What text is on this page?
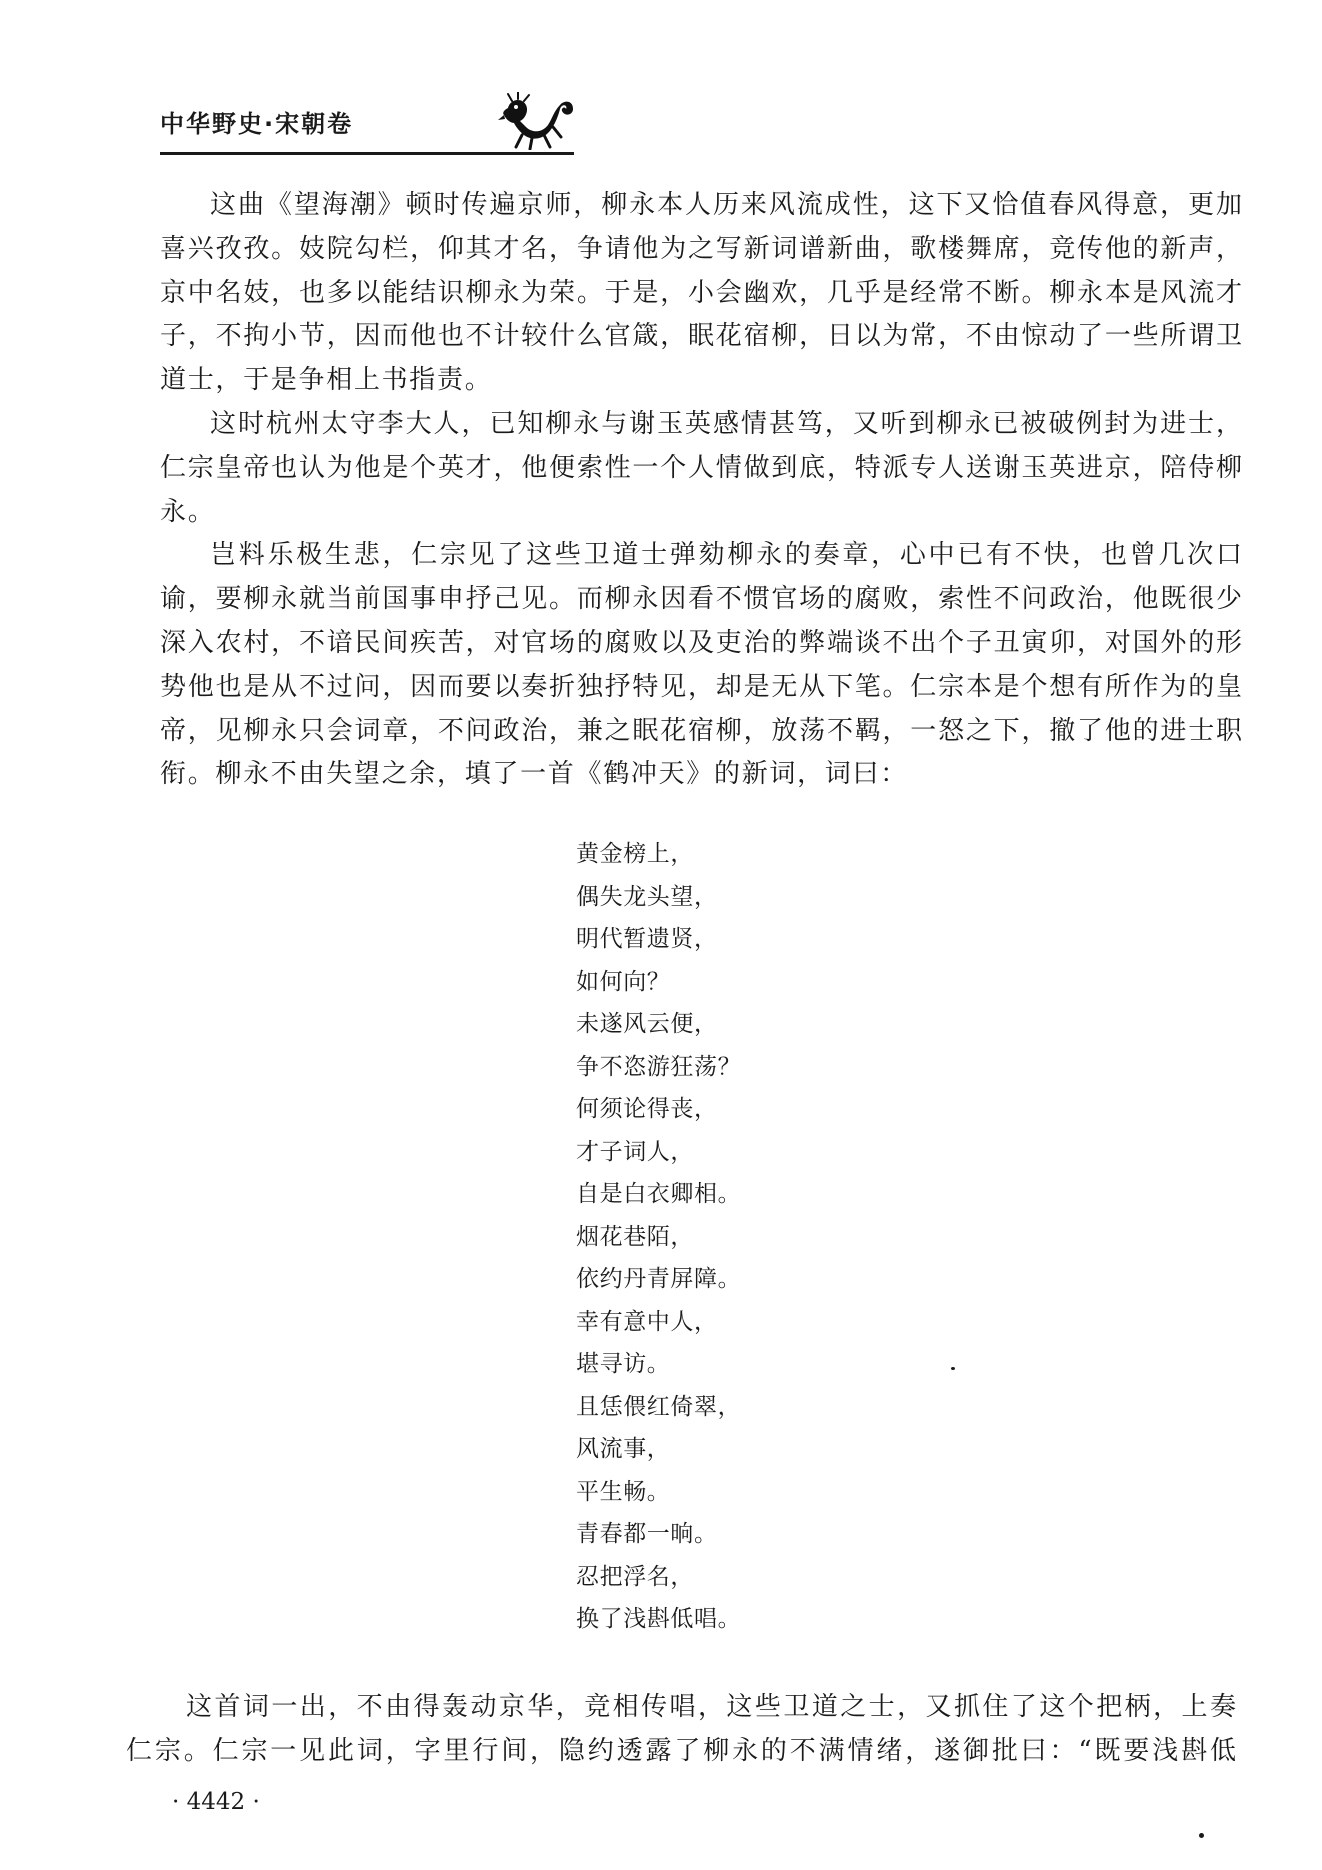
中华野史·宋朝卷
这曲《望海潮》顿时传遍京师，柳永本人历来风流成性，这下又恰值春风得意，更加
喜兴孜孜。妓院勾栏，仰其才名，争请他为之写新词谱新曲，歌楼舞席，竞传他的新声，
京中名妓，也多以能结识柳永为荣。于是，小会幽欢，几乎是经常不断。柳永本是风流才
子，不拘小节，因而他也不计较什么官箴，眠花宿柳，日以为常，不由惊动了一些所谓卫
道士，于是争相上书指责。
这时杭州太守李大人，已知柳永与谢玉英感情甚笃，又听到柳永已被破例封为进士，
仁宗皇帝也认为他是个英才，他便索性一个人情做到底，特派专人送谢玉英进京，陪侍柳
永。
岂料乐极生悲，仁宗见了这些卫道士弹劾柳永的奏章，心中已有不快，也曾几次口
谕，要柳永就当前国事申抒己见。而柳永因看不惯官场的腐败，索性不问政治，他既很少
深入农村，不谙民间疾苦，对官场的腐败以及吏治的弊端谈不出个子丑寅卯，对国外的形
势他也是从不过问，因而要以奏折独抒特见，却是无从下笔。仁宗本是个想有所作为的皇
帝，见柳永只会词章，不问政治，兼之眠花宿柳，放荡不羁，一怒之下，撤了他的进士职
衔。柳永不由失望之余，填了一首《鹤冲天》的新词，词曰：
黄金榜上，
偶失龙头望，
明代暂遗贤，
如何向？
未遂风云便，
争不恣游狂荡？
何须论得丧，
才子词人，
自是白衣卿相。
烟花巷陌，
依约丹青屏障。
幸有意中人，
堪寻访。
且恁偎红倚翠，
风流事，
平生畅。
青春都一晌。
忍把浮名，
换了浅斟低唱。
这首词一出，不由得轰动京华，竞相传唱，这些卫道之士，又抓住了这个把柄，上奏
仁宗。仁宗一见此词，字里行间，隐约透露了柳永的不满情绪，遂御批曰：“既要浅斟低
· 4442 ·
